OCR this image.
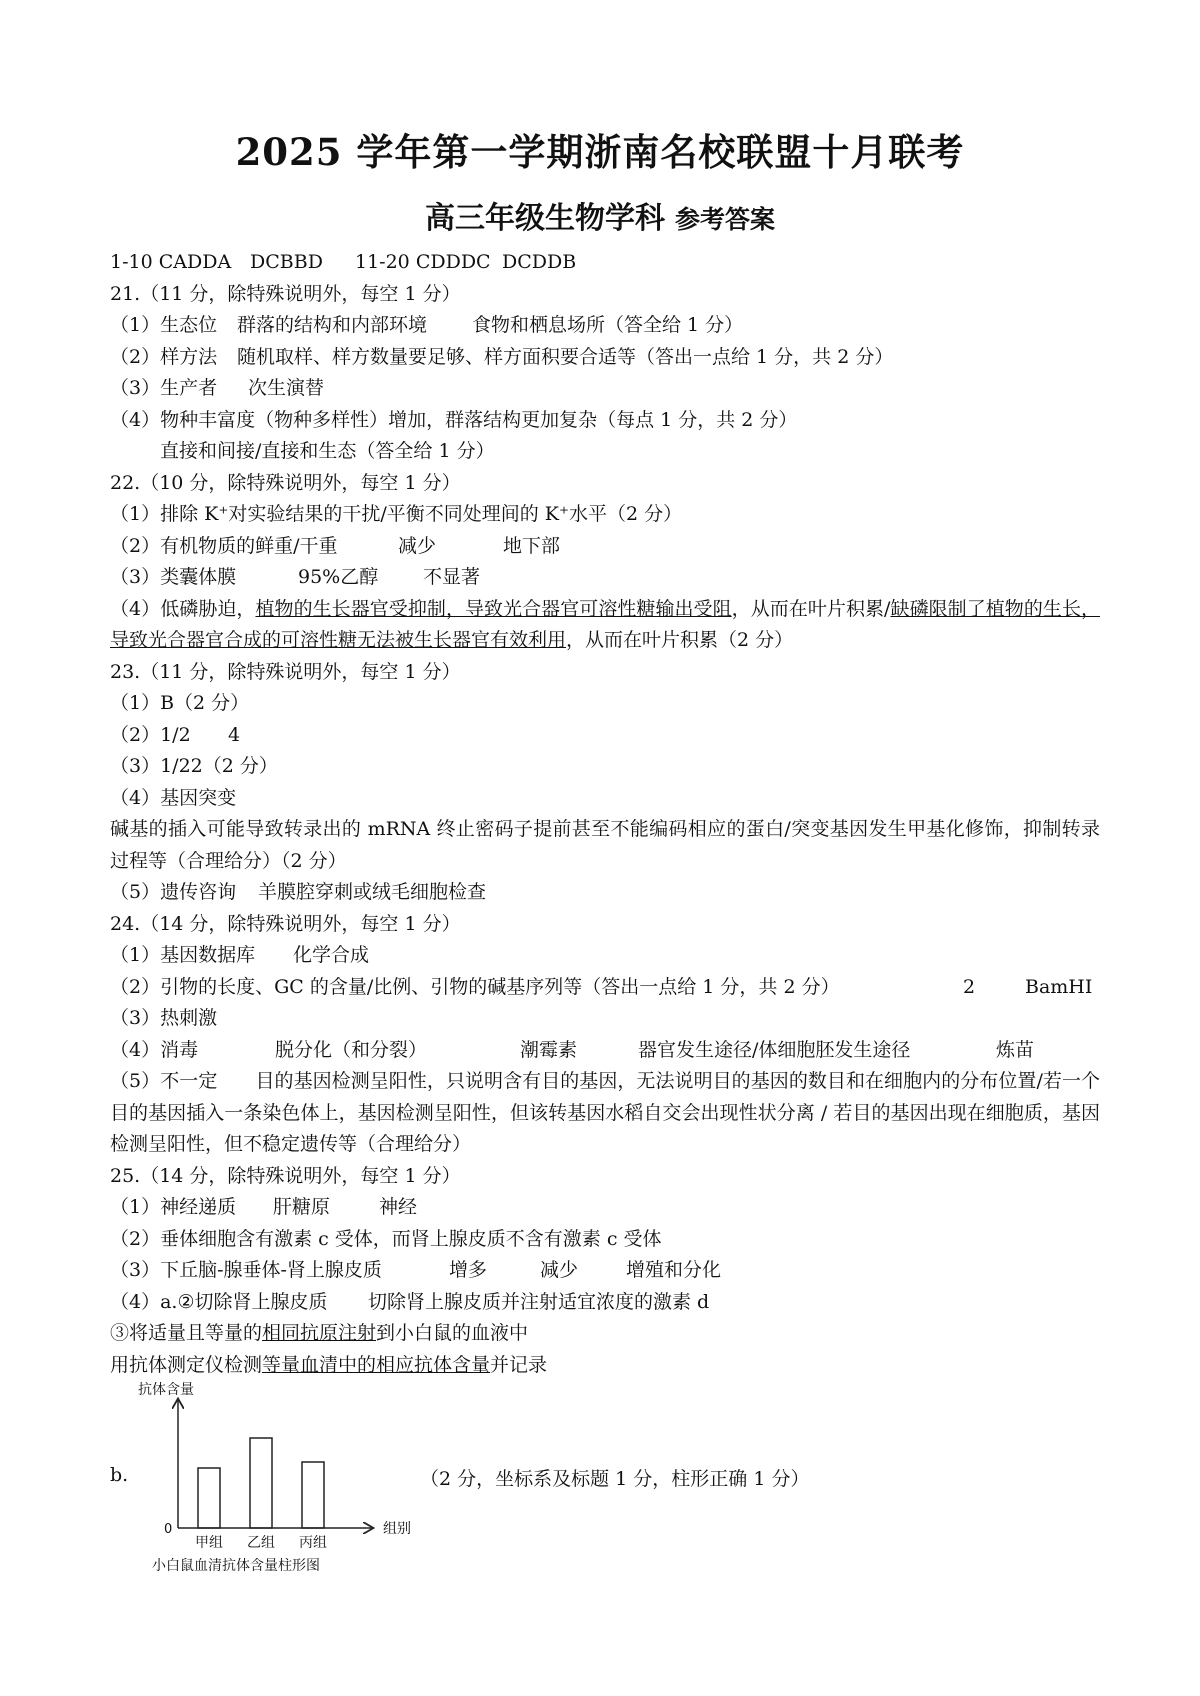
2025 学年第一学期浙南名校联盟十月联考
高三年级生物学科 参考答案
1-10 CADDA DCBBD 11-20 CDDDC DCDDB
21.（11 分，除特殊说明外，每空 1 分）
（1）生态位 群落的结构和内部环境 食物和栖息场所（答全给 1 分）
（2）样方法 随机取样、样方数量要足够、样方面积要合适等（答出一点给 1 分，共 2 分）
（3）生产者 次生演替
（4）物种丰富度（物种多样性）增加，群落结构更加复杂（每点 1 分，共 2 分）
直接和间接/直接和生态（答全给 1 分）
22.（10 分，除特殊说明外，每空 1 分）
（1）排除 K⁺对实验结果的干扰/平衡不同处理间的 K⁺水平（2 分）
（2）有机物质的鲜重/干重	减少	地下部
（3）类囊体膜	95%乙醇 不显著
（4）低磷胁迫，植物的生长器官受抑制，导致光合器官可溶性糖输出受阻，从而在叶片积累/缺磷限制了植物的生长，导致光合器官合成的可溶性糖无法被生长器官有效利用，从而在叶片积累（2 分）
23.（11 分，除特殊说明外，每空 1 分）
（1）B（2 分）
（2）1/2 4
（3）1/22（2 分）
（4）基因突变
碱基的插入可能导致转录出的 mRNA 终止密码子提前甚至不能编码相应的蛋白/突变基因发生甲基化修饰，抑制转录过程等（合理给分）（2 分）
（5）遗传咨询 羊膜腔穿刺或绒毛细胞检查
24.（14 分，除特殊说明外，每空 1 分）
（1）基因数据库 化学合成
（2）引物的长度、GC 的含量/比例、引物的碱基序列等（答出一点给 1 分，共 2 分）	2	BamHI
（3）热刺激
（4）消毒	脱分化（和分裂）	潮霉素	器官发生途径/体细胞胚发生途径	炼苗
（5）不一定　　目的基因检测呈阳性，只说明含有目的基因，无法说明目的基因的数目和在细胞内的分布位置/若一个目的基因插入一条染色体上，基因检测呈阳性，但该转基因水稻自交会出现性状分离 / 若目的基因出现在细胞质，基因检测呈阳性，但不稳定遗传等（合理给分）
25.（14 分，除特殊说明外，每空 1 分）
（1）神经递质 肝糖原	神经
（2）垂体细胞含有激素 c 受体，而肾上腺皮质不含有激素 c 受体
（3）下丘脑-腺垂体-肾上腺皮质	增多	减少	增殖和分化
（4）a.②切除肾上腺皮质 切除肾上腺皮质并注射适宜浓度的激素 d
③将适量且等量的相同抗原注射到小白鼠的血液中
用抗体测定仪检测等量血清中的相应抗体含量并记录
b.	（2 分，坐标系及标题 1 分，柱形正确 1 分）
抗体含量
0	组别
甲组 乙组 丙组
小白鼠血清抗体含量柱形图
